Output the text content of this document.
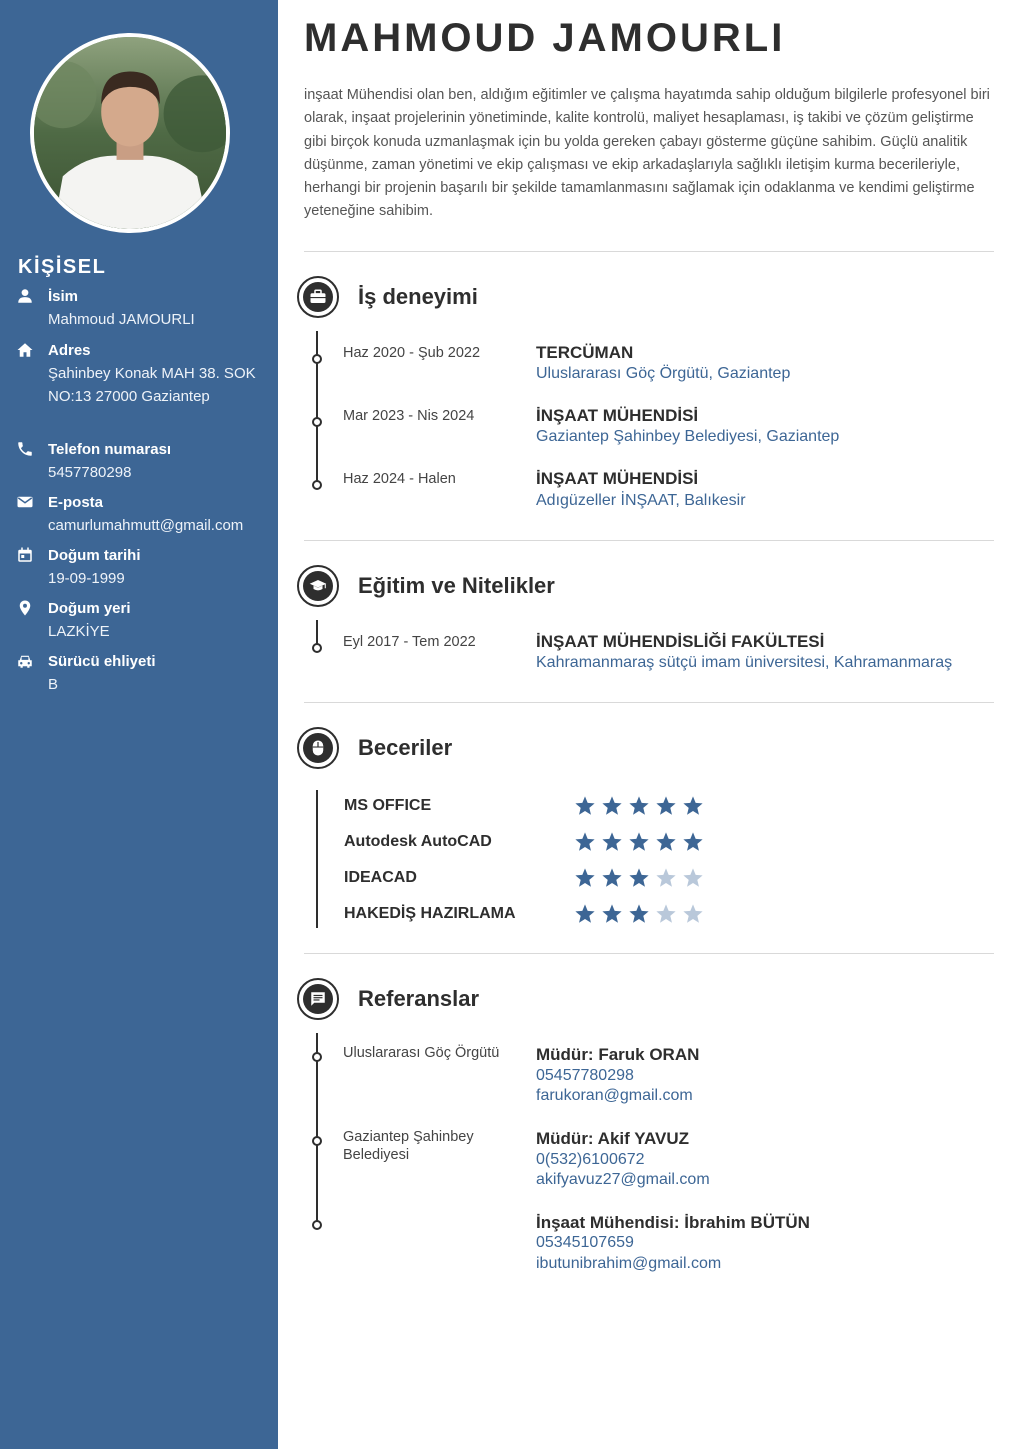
KİŞİSEL
İsim
Mahmoud JAMOURLI
Adres
Şahinbey Konak MAH 38. SOK NO:13 27000 Gaziantep
Telefon numarası
5457780298
E-posta
camurlumahmutt@gmail.com
Doğum tarihi
19-09-1999
Doğum yeri
LAZKİYE
Sürücü ehliyeti
B
MAHMOUD JAMOURLI
inşaat Mühendisi olan ben, aldığım eğitimler ve çalışma hayatımda sahip olduğum bilgilerle profesyonel biri olarak, inşaat projelerinin yönetiminde, kalite kontrolü, maliyet hesaplaması, iş takibi ve çözüm geliştirme gibi birçok konuda uzmanlaşmak için bu yolda gereken çabayı gösterme güçüne sahibim. Güçlü analitik düşünme, zaman yönetimi ve ekip çalışması ve ekip arkadaşlarıyla sağlıklı iletişim kurma becerileriyle, herhangi bir projenin başarılı bir şekilde tamamlanmasını sağlamak için odaklanma ve kendimi geliştirme yeteneğine sahibim.
İş deneyimi
Haz 2020 - Şub 2022	TERCÜMAN
Uluslararası Göç Örgütü, Gaziantep
Mar 2023 - Nis 2024	İNŞAAT MÜHENDİSİ
Gaziantep Şahinbey Belediyesi, Gaziantep
Haz 2024 - Halen	İNŞAAT MÜHENDİSİ
Adıgüzeller İNŞAAT, Balıkesir
Eğitim ve Nitelikler
Eyl 2017 - Tem 2022	İNŞAAT MÜHENDİSLİĞİ FAKÜLTESİ
Kahramanmaraş sütçü imam üniversitesi, Kahramanmaraş
Beceriler
MS OFFICE
Autodesk AutoCAD
IDEACAD
HAKEDİŞ HAZIRLAMA
Referanslar
Uluslararası Göç Örgütü	Müdür: Faruk ORAN
05457780298
farukoran@gmail.com
Gaziantep Şahinbey Belediyesi
Müdür: Akif YAVUZ
0(532)6100672
akifyavuz27@gmail.com
İnşaat Mühendisi: İbrahim BÜTÜN
05345107659
ibutunibrahim@gmail.com
